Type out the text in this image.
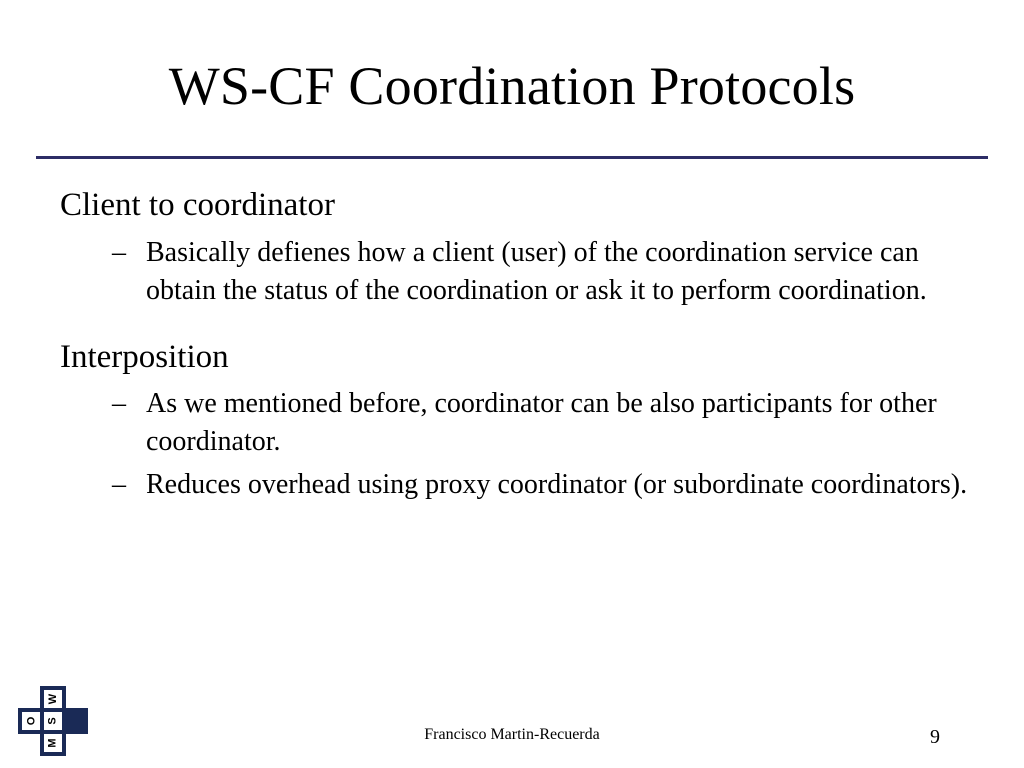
WS-CF Coordination Protocols
Client to coordinator
– Basically defienes how a client (user) of the coordination service can obtain the status of the coordination or ask it to perform coordination.
Interposition
– As we mentioned before, coordinator can be also participants for other coordinator.
– Reduces overhead using proxy coordinator (or subordinate coordinators).
W
O S
M	Francisco Martin-Recuerda	9
